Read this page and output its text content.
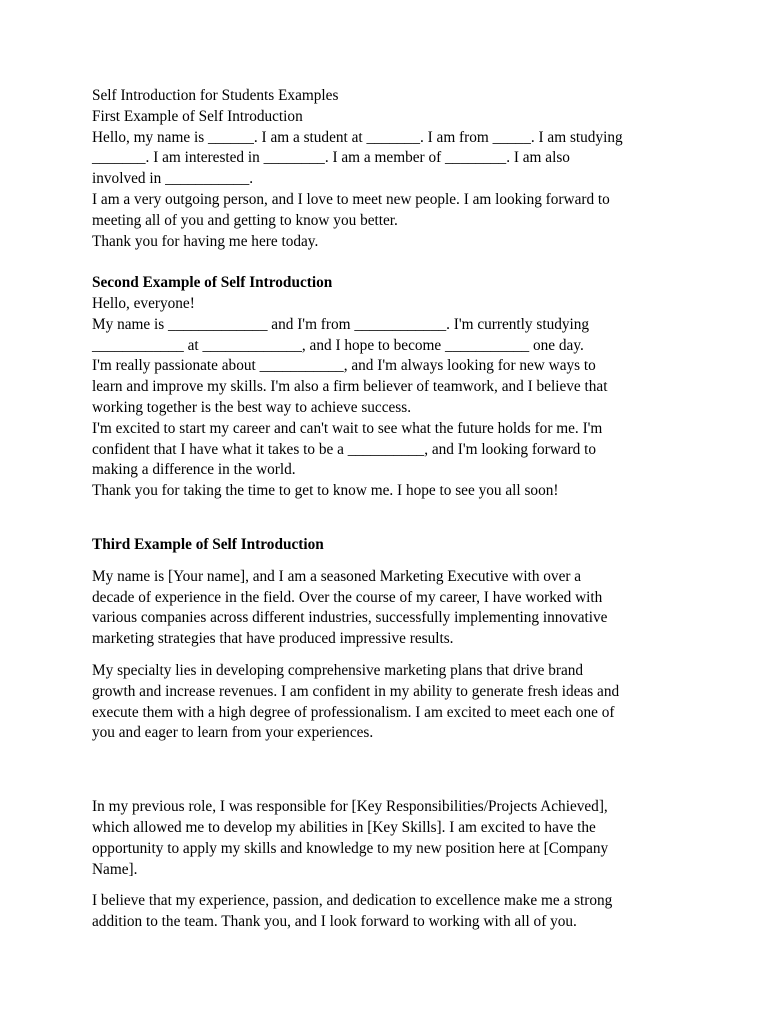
Self Introduction for Students Examples
First Example of Self Introduction
Hello, my name is ______. I am a student at _______. I am from _____. I am studying
_______. I am interested in ________. I am a member of ________. I am also
involved in ___________.
I am a very outgoing person, and I love to meet new people. I am looking forward to
meeting all of you and getting to know you better.
Thank you for having me here today.
Second Example of Self Introduction
Hello, everyone!
My name is _____________ and I'm from ____________. I'm currently studying
____________ at _____________, and I hope to become ___________ one day.
I'm really passionate about ___________, and I'm always looking for new ways to
learn and improve my skills. I'm also a firm believer of teamwork, and I believe that
working together is the best way to achieve success.
I'm excited to start my career and can't wait to see what the future holds for me. I'm
confident that I have what it takes to be a __________, and I'm looking forward to
making a difference in the world.
Thank you for taking the time to get to know me. I hope to see you all soon!
Third Example of Self Introduction
My name is [Your name], and I am a seasoned Marketing Executive with over a
decade of experience in the field. Over the course of my career, I have worked with
various companies across different industries, successfully implementing innovative
marketing strategies that have produced impressive results.
My specialty lies in developing comprehensive marketing plans that drive brand
growth and increase revenues. I am confident in my ability to generate fresh ideas and
execute them with a high degree of professionalism. I am excited to meet each one of
you and eager to learn from your experiences.
In my previous role, I was responsible for [Key Responsibilities/Projects Achieved],
which allowed me to develop my abilities in [Key Skills]. I am excited to have the
opportunity to apply my skills and knowledge to my new position here at [Company
Name].
I believe that my experience, passion, and dedication to excellence make me a strong
addition to the team. Thank you, and I look forward to working with all of you.
